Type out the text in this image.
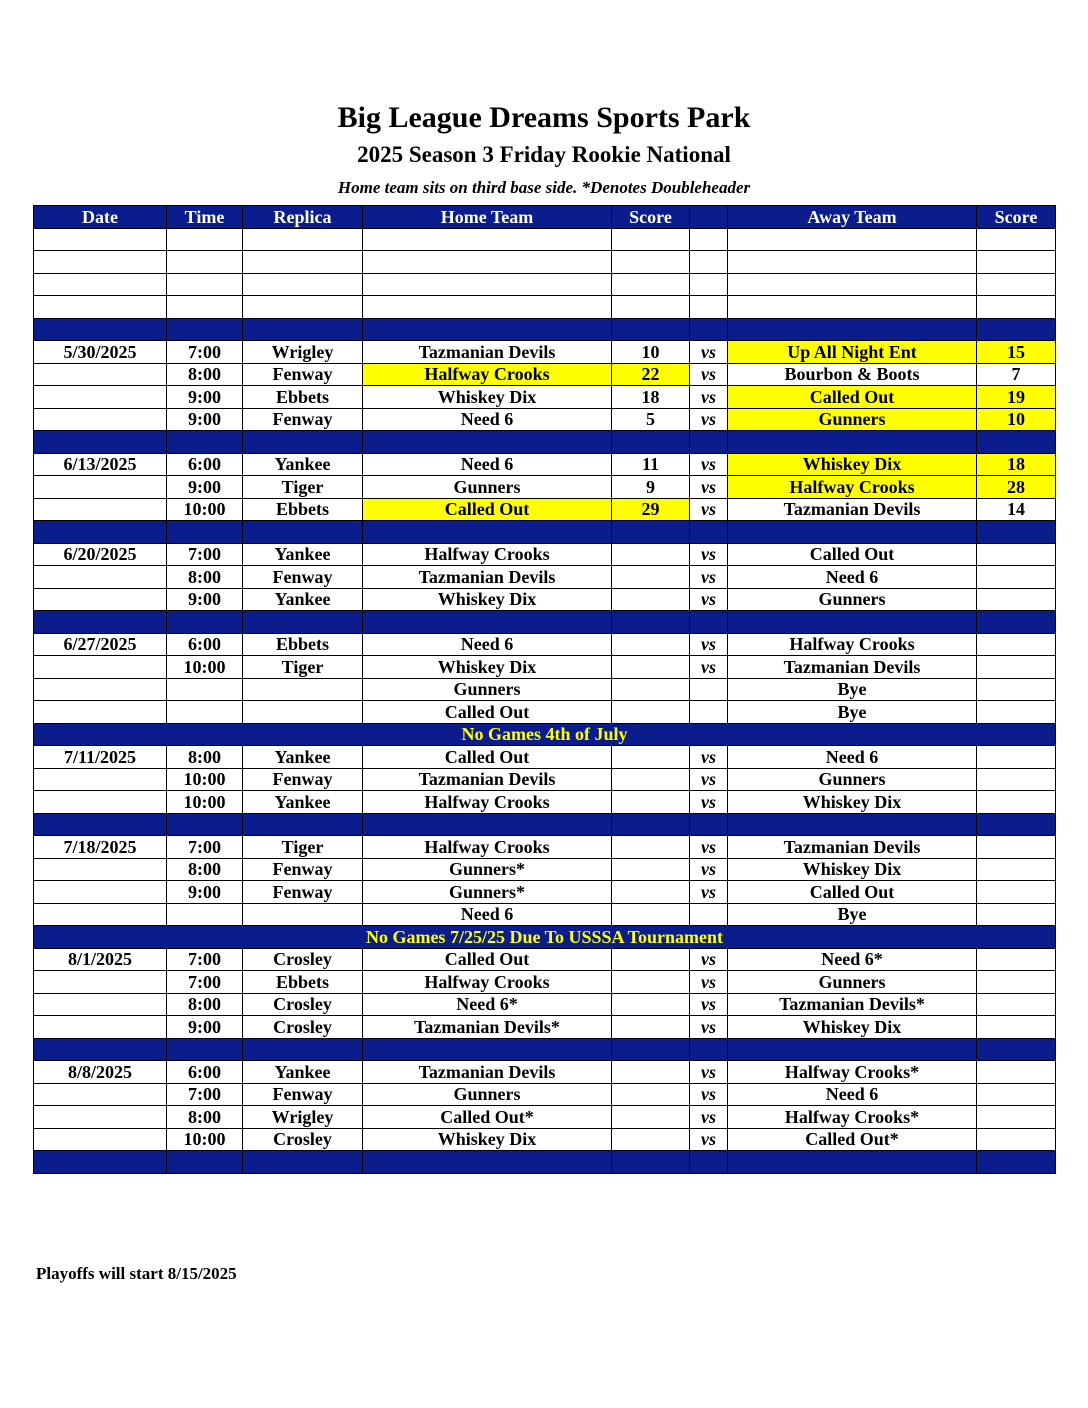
Big League Dreams Sports Park
2025 Season 3 Friday Rookie National
Home team sits on third base side. *Denotes Doubleheader
Date	Time	Replica	Home Team	Score		Away Team	Score

5/30/2025	7:00	Wrigley	Tazmanian Devils	10	vs	Up All Night Ent	15
	8:00	Fenway	Halfway Crooks	22	vs	Bourbon & Boots	7
	9:00	Ebbets	Whiskey Dix	18	vs	Called Out	19
	9:00	Fenway	Need 6	5	vs	Gunners	10

6/13/2025	6:00	Yankee	Need 6	11	vs	Whiskey Dix	18
	9:00	Tiger	Gunners	9	vs	Halfway Crooks	28
	10:00	Ebbets	Called Out	29	vs	Tazmanian Devils	14

6/20/2025	7:00	Yankee	Halfway Crooks		vs	Called Out	
	8:00	Fenway	Tazmanian Devils		vs	Need 6	
	9:00	Yankee	Whiskey Dix		vs	Gunners	

6/27/2025	6:00	Ebbets	Need 6		vs	Halfway Crooks	
	10:00	Tiger	Whiskey Dix		vs	Tazmanian Devils	
			Gunners			Bye	
			Called Out			Bye	
No Games 4th of July							
7/11/2025	8:00	Yankee	Called Out		vs	Need 6	
	10:00	Fenway	Tazmanian Devils		vs	Gunners	
	10:00	Yankee	Halfway Crooks		vs	Whiskey Dix	

7/18/2025	7:00	Tiger	Halfway Crooks		vs	Tazmanian Devils	
	8:00	Fenway	Gunners*		vs	Whiskey Dix	
	9:00	Fenway	Gunners*		vs	Called Out	
			Need 6			Bye	
No Games 7/25/25 Due To USSSA Tournament							
8/1/2025	7:00	Crosley	Called Out		vs	Need 6*	
	7:00	Ebbets	Halfway Crooks		vs	Gunners	
	8:00	Crosley	Need 6*		vs	Tazmanian Devils*	
	9:00	Crosley	Tazmanian Devils*		vs	Whiskey Dix	

8/8/2025	6:00	Yankee	Tazmanian Devils		vs	Halfway Crooks*	
	7:00	Fenway	Gunners		vs	Need 6	
	8:00	Wrigley	Called Out*		vs	Halfway Crooks*	
	10:00	Crosley	Whiskey Dix		vs	Called Out*	

Playoffs will start 8/15/2025
